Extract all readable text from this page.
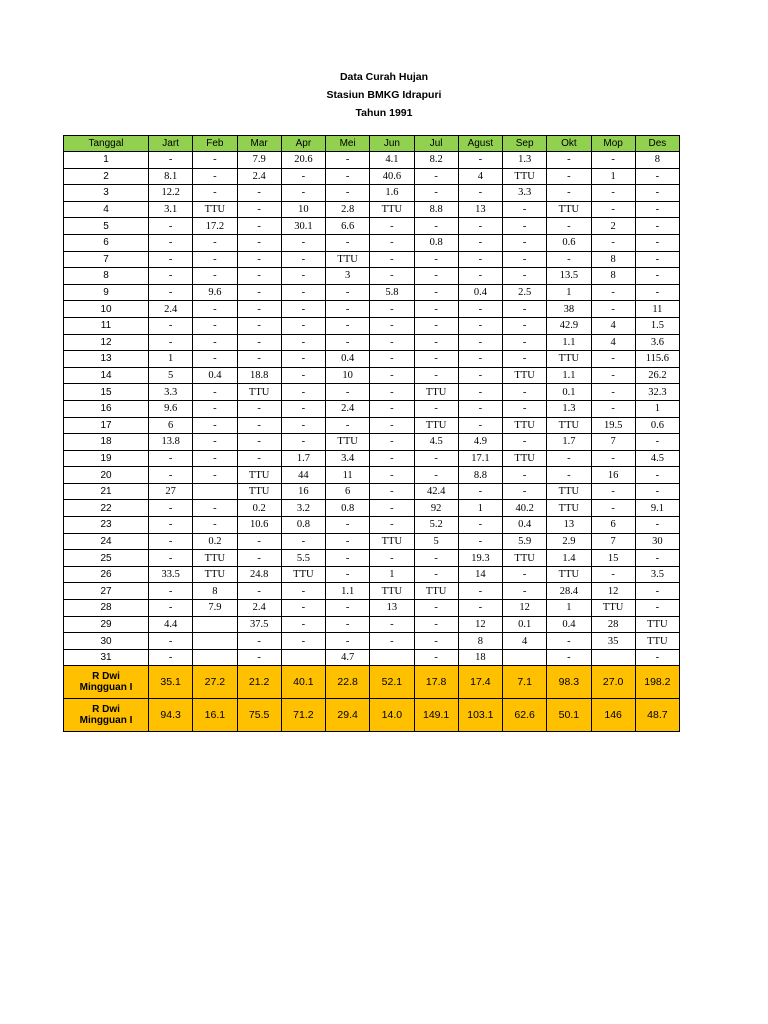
Data Curah Hujan
Stasiun BMKG Idrapuri
Tahun 1991
Tanggal	Jart	Feb	Mar	Apr	Mei	Jun	Jul	Agust	Sep	Okt	Mop	Des
1	-	-	7.9	20.6	-	4.1	8.2	-	1.3	-	-	8
2	8.1	-	2.4	-	-	40.6	-	4	TTU	-	1	-
3	12.2	-	-	-	-	1.6	-	-	3.3	-	-	-
4	3.1	TTU	-	10	2.8	TTU	8.8	13	-	TTU	-	-
5	-	17.2	-	30.1	6.6	-	-	-	-	-	2	-
6	-	-	-	-	-	-	0.8	-	-	0.6	-	-
7	-	-	-	-	TTU	-	-	-	-	-	8	-
8	-	-	-	-	3	-	-	-	-	13.5	8	-
9	-	9.6	-	-	-	5.8	-	0.4	2.5	1	-	-
10	2.4	-	-	-	-	-	-	-	-	38	-	11
11	-	-	-	-	-	-	-	-	-	42.9	4	1.5
12	-	-	-	-	-	-	-	-	-	1.1	4	3.6
13	1	-	-	-	0.4	-	-	-	-	TTU	-	115.6
14	5	0.4	18.8	-	10	-	-	-	TTU	1.1	-	26.2
15	3.3	-	TTU	-	-	-	TTU	-	-	0.1	-	32.3
16	9.6	-	-	-	2.4	-	-	-	-	1.3	-	1
17	6	-	-	-	-	-	TTU	-	TTU	TTU	19.5	0.6
18	13.8	-	-	-	TTU	-	4.5	4.9	-	1.7	7	-
19	-	-	-	1.7	3.4	-	-	17.1	TTU	-	-	4.5
20	-	-	TTU	44	11	-	-	8.8	-	-	16	-
21	27		TTU	16	6	-	42.4	-	-	TTU	-	-
22	-	-	0.2	3.2	0.8	-	92	1	40.2	TTU	-	9.1
23	-	-	10.6	0.8	-	-	5.2	-	0.4	13	6	-
24	-	0.2	-	-	-	TTU	5	-	5.9	2.9	7	30
25	-	TTU	-	5.5	-	-	-	19.3	TTU	1.4	15	-
26	33.5	TTU	24.8	TTU	-	1	-	14	-	TTU	-	3.5
27	-	8	-	-	1.1	TTU	TTU	-	-	28.4	12	-
28	-	7.9	2.4	-	-	13	-	-	12	1	TTU	-
29	4.4		37.5	-	-	-	-	12	0.1	0.4	28	TTU
30	-		-	-	-	-	-	8	4	-	35	TTU
31	-		-		4.7		-	18		-		-

R Dwi
Mingguan I	35.1	27.2	21.2	40.1	22.8	52.1	17.8	17.4	7.1	98.3	27.0	198.2

R Dwi
Mingguan I	94.3	16.1	75.5	71.2	29.4	14.0	149.1	103.1	62.6	50.1	146	48.7
